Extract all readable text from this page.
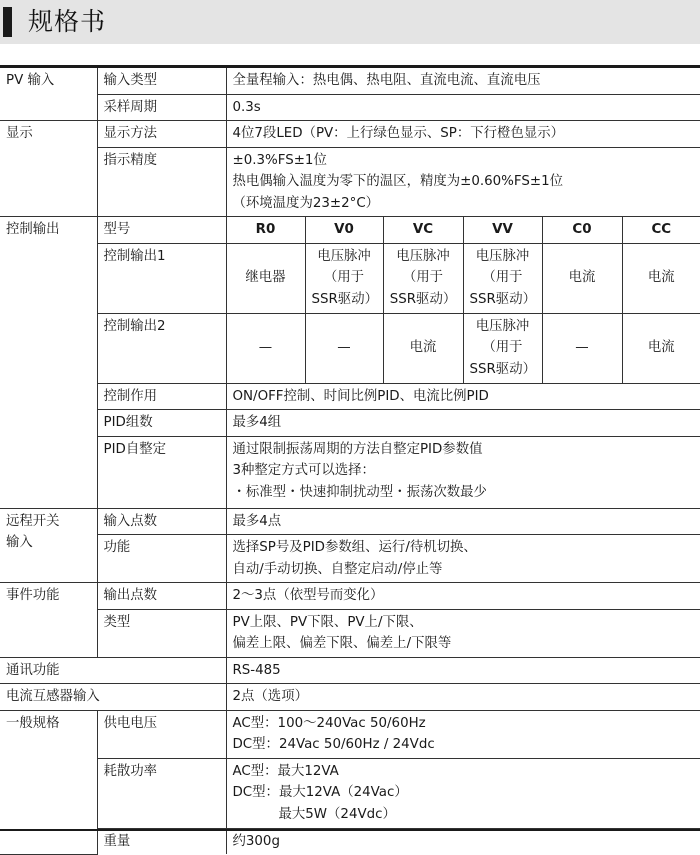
规格书
PV 输入	输入类型	全量程输入：热电偶、热电阻、直流电流、直流电压					
	采样周期	0.3s					
显示	显示方法	4位7段LED（PV：上行绿色显示、SP：下行橙色显示）					
	指示精度	±0.3%FS±1位
热电偶输入温度为零下的温区，精度为±0.60%FS±1位
（环境温度为23±2°C）					

控制输出	型号	R0	V0	VC	VV	C0	CC
	控制输出1	继电器	电压脉冲
（用于
SSR驱动）	电压脉冲
（用于
SSR驱动）	电压脉冲
（用于
SSR驱动）	电流	电流
	控制输出2	—	—	电流	电压脉冲
（用于
SSR驱动）	—	电流
	控制作用	ON/OFF控制、时间比例PID、电流比例PID					
	PID组数	最多4组					
	PID自整定	通过限制振荡周期的方法自整定PID参数值
3种整定方式可以选择：
・标准型・快速抑制扰动型・振荡次数最少					

远程开关
输入	输入点数	最多4点					
	功能	选择SP号及PID参数组、运行/待机切换、
自动/手动切换、自整定启动/停止等					

事件功能	输出点数	2～3点（依型号而变化）					
	类型	PV上限、PV下限、PV上/下限、
偏差上限、偏差下限、偏差上/下限等					

通讯功能		RS-485					
电流互感器输入		2点（选项）					
一般规格	供电电压	AC型：100～240Vac 50/60Hz
DC型：24Vac 50/60Hz / 24Vdc					

	耗散功率	AC型：最大12VA
DC型：最大12VA（24Vac）
最大5W（24Vdc）					

	重量	约300g					
